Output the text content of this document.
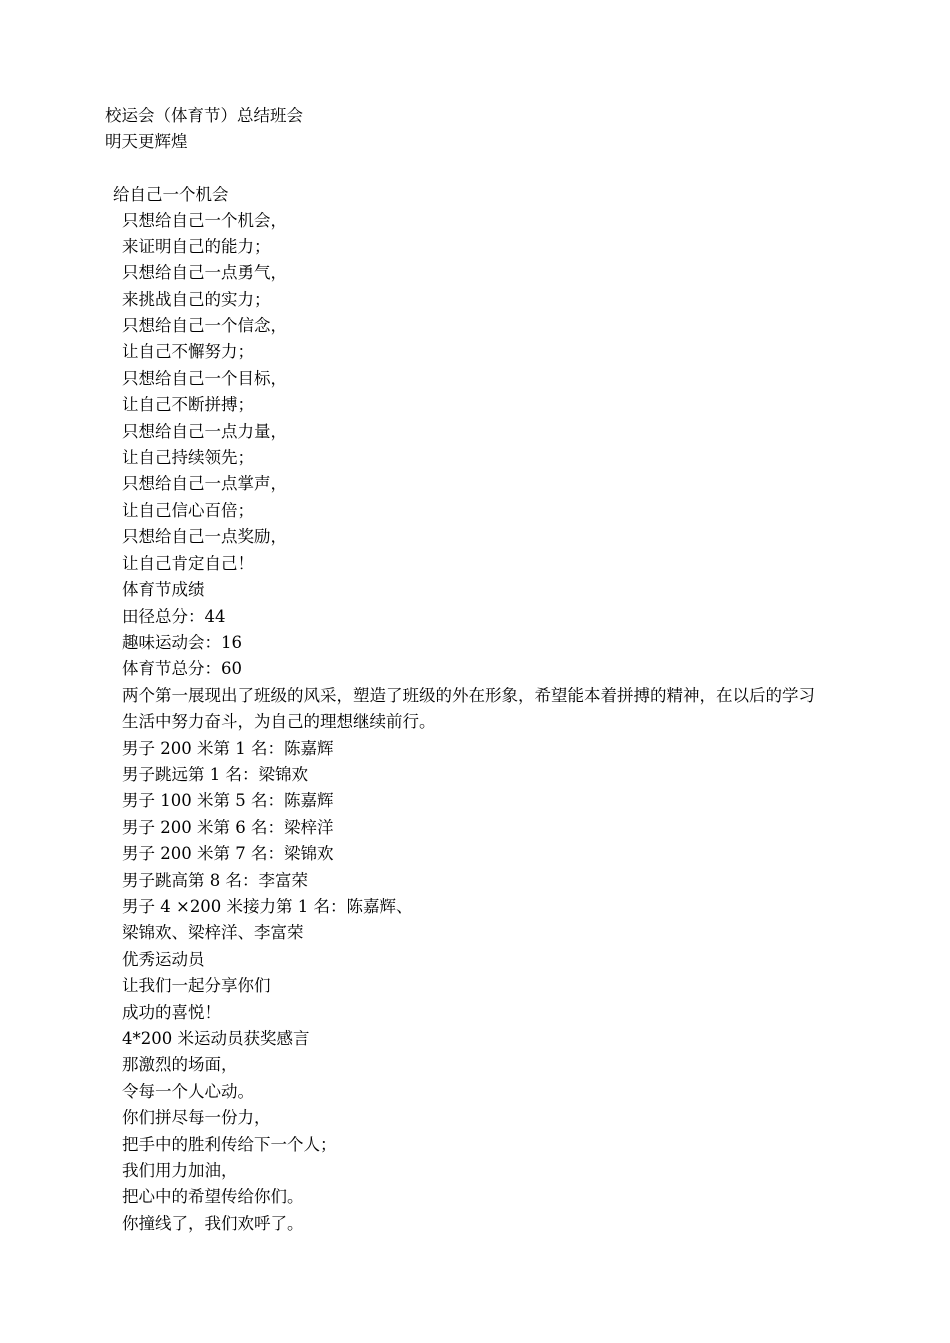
校运会（体育节）总结班会

明天更辉煌

给自己一个机会

只想给自己一个机会，

来证明自己的能力；

只想给自己一点勇气，

来挑战自己的实力；

只想给自己一个信念，

让自己不懈努力；

只想给自己一个目标，

让自己不断拼搏；

只想给自己一点力量，

让自己持续领先；

只想给自己一点掌声，

让自己信心百倍；

只想给自己一点奖励，

让自己肯定自己！

体育节成绩

田径总分：44

趣味运动会：16

体育节总分：60

两个第一展现出了班级的风采，塑造了班级的外在形象，希望能本着拼搏的精神，在以后的学习

生活中努力奋斗，为自己的理想继续前行。

男子 200 米第 1 名：陈嘉辉

男子跳远第 1 名：梁锦欢

男子 100 米第 5 名：陈嘉辉

男子 200 米第 6 名：梁梓洋

男子 200 米第 7 名：梁锦欢

男子跳高第 8 名：李富荣

男子 4 ×200 米接力第 1 名：陈嘉辉、

梁锦欢、梁梓洋、李富荣

优秀运动员

让我们一起分享你们

成功的喜悦！

4*200 米运动员获奖感言

那激烈的场面，

令每一个人心动。

你们拼尽每一份力，

把手中的胜利传给下一个人；

我们用力加油，

把心中的希望传给你们。

你撞线了，我们欢呼了。
